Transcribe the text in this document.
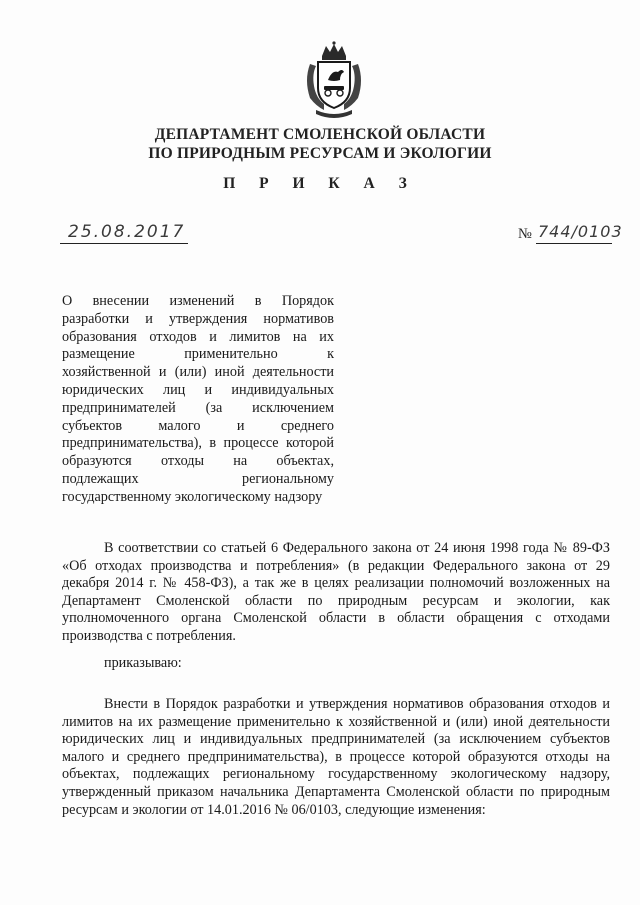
ДЕПАРТАМЕНТ СМОЛЕНСКОЙ ОБЛАСТИ
ПО ПРИРОДНЫМ РЕСУРСАМ И ЭКОЛОГИИ
П Р И К А З
25.08.2017	№ 744/0103
О внесении изменений в Порядок разработки и утверждения нормативов образования отходов и лимитов на их размещение применительно к хозяйственной и (или) иной деятельности юридических лиц и индивидуальных предпринимателей (за исключением субъектов малого и среднего предпринимательства), в процессе которой образуются отходы на объектах, подлежащих региональному государственному экологическому надзору
В соответствии со статьей 6 Федерального закона от 24 июня 1998 года № 89-ФЗ «Об отходах производства и потребления» (в редакции Федерального закона от 29 декабря 2014 г. № 458-ФЗ), а так же в целях реализации полномочий возложенных на Департамент Смоленской области по природным ресурсам и экологии, как уполномоченного органа Смоленской области в области обращения с отходами производства с потребления.
приказываю:
Внести в Порядок разработки и утверждения нормативов образования отходов и лимитов на их размещение применительно к хозяйственной и (или) иной деятельности юридических лиц и индивидуальных предпринимателей (за исключением субъектов малого и среднего предпринимательства), в процессе которой образуются отходы на объектах, подлежащих региональному государственному экологическому надзору, утвержденный приказом начальника Департамента Смоленской области по природным ресурсам и экологии от 14.01.2016 № 06/0103, следующие изменения:
